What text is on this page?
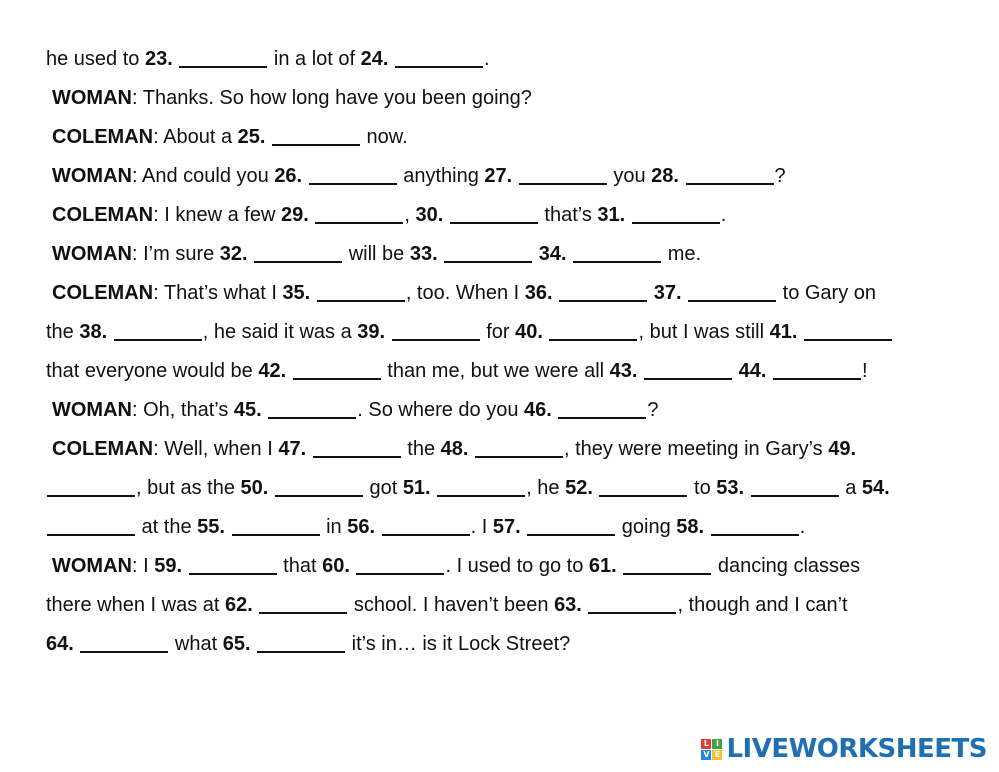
he used to 23.	in a lot of 24.	.
WOMAN: Thanks. So how long have you been going?
COLEMAN: About a 25.	now.
WOMAN: And could you 26.	anything 27.	you 28.	?
COLEMAN: I knew a few 29.	, 30.	that’s 31.	.
WOMAN: I’m sure 32.	will be 33.	34.	me.
COLEMAN: That’s what I 35.	, too. When I 36.	37.	to Gary on
the 38.	, he said it was a 39.	for 40.	, but I was still 41.
that everyone would be 42.	than me, but we were all 43.	44.	!
WOMAN: Oh, that’s 45.	. So where do you 46.	?
COLEMAN: Well, when I 47.	the 48.	, they were meeting in Gary’s 49.
, but as the 50.	got 51.	, he 52.	to 53.	a 54.
at the 55.	in 56.	. I 57.	going 58.	.
WOMAN: I 59.	that 60.	. I used to go to 61.	dancing classes
there when I was at 62.	school. I haven’t been 63.	, though and I can’t
64.	what 65.	it’s in… is it Lock Street?
L I
V E LIVEWORKSHEETS
